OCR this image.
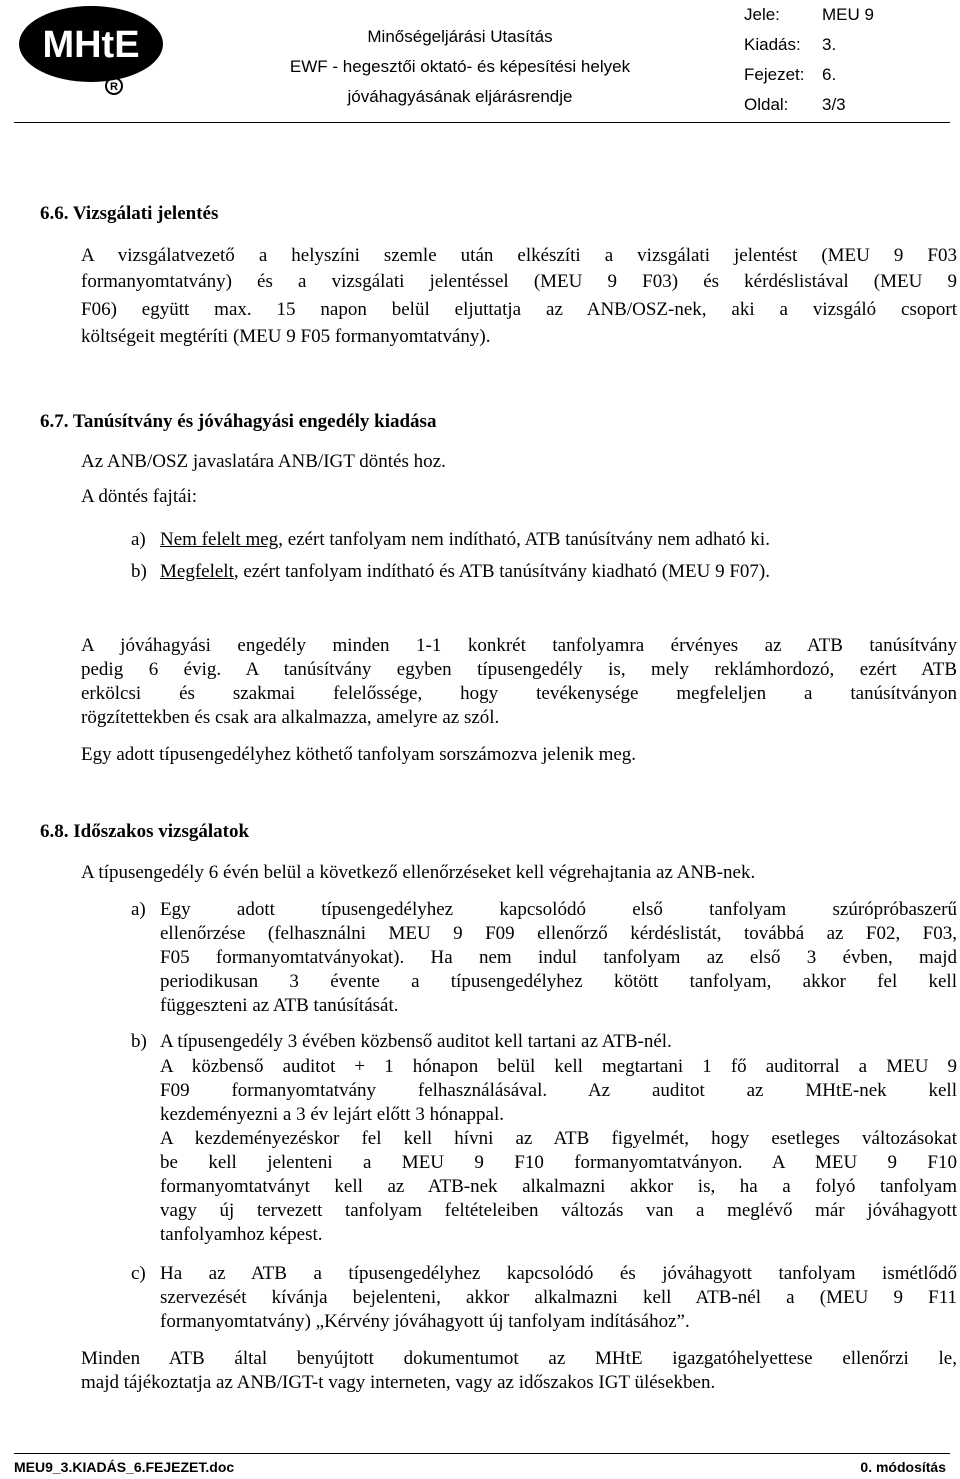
MHtE
R
Minőségeljárási Utasítás
EWF - hegesztői oktató- és képesítési helyek
jóváhagyásának eljárásrendje
Jele:	MEU 9
Kiadás:	3.
Fejezet:	6.
Oldal:	3/3
6.6. Vizsgálati jelentés
A vizsgálatvezető a helyszíni szemle után elkészíti a vizsgálati jelentést (MEU 9 F03
formanyomtatvány) és a vizsgálati jelentéssel (MEU 9 F03) és kérdéslistával (MEU 9
F06) együtt max. 15 napon belül eljuttatja az ANB/OSZ-nek, aki a vizsgáló csoport
költségeit megtéríti (MEU 9 F05 formanyomtatvány).
6.7. Tanúsítvány és jóváhagyási engedély kiadása
Az ANB/OSZ javaslatára ANB/IGT döntés hoz.
A döntés fajtái:
a) Nem felelt meg, ezért tanfolyam nem indítható, ATB tanúsítvány nem adható ki.
b) Megfelelt, ezért tanfolyam indítható és ATB tanúsítvány kiadható (MEU 9 F07).
A jóváhagyási engedély minden 1-1 konkrét tanfolyamra érvényes az ATB tanúsítvány
pedig 6 évig. A tanúsítvány egyben típusengedély is, mely reklámhordozó, ezért ATB
erkölcsi és szakmai felelőssége, hogy tevékenysége megfeleljen a tanúsítványon
rögzítettekben és csak ara alkalmazza, amelyre az szól.
Egy adott típusengedélyhez köthető tanfolyam sorszámozva jelenik meg.
6.8. Időszakos vizsgálatok
A típusengedély 6 évén belül a következő ellenőrzéseket kell végrehajtania az ANB-nek.
a) Egy adott típusengedélyhez kapcsolódó első tanfolyam szúrópróbaszerű
ellenőrzése (felhasználni MEU 9 F09 ellenőrző kérdéslistát, továbbá az F02, F03,
F05 formanyomtatványokat). Ha nem indul tanfolyam az első 3 évben, majd
periodikusan 3 évente a típusengedélyhez kötött tanfolyam, akkor fel kell
függeszteni az ATB tanúsítását.
b) A típusengedély 3 évében közbenső auditot kell tartani az ATB-nél.
A közbenső auditot + 1 hónapon belül kell megtartani 1 fő auditorral a MEU 9
F09 formanyomtatvány felhasználásával. Az auditot az MHtE-nek kell
kezdeményezni a 3 év lejárt előtt 3 hónappal.
A kezdeményezéskor fel kell hívni az ATB figyelmét, hogy esetleges változásokat
be kell jelenteni a MEU 9 F10 formanyomtatványon. A MEU 9 F10
formanyomtatványt kell az ATB-nek alkalmazni akkor is, ha a folyó tanfolyam
vagy új tervezett tanfolyam feltételeiben változás van a meglévő már jóváhagyott
tanfolyamhoz képest.
c) Ha az ATB a típusengedélyhez kapcsolódó és jóváhagyott tanfolyam ismétlődő
szervezését kívánja bejelenteni, akkor alkalmazni kell ATB-nél a (MEU 9 F11
formanyomtatvány) „Kérvény jóváhagyott új tanfolyam indításához”.
Minden ATB által benyújtott dokumentumot az MHtE igazgatóhelyettese ellenőrzi le,
majd tájékoztatja az ANB/IGT-t vagy interneten, vagy az időszakos IGT ülésekben.
MEU9_3.KIADÁS_6.FEJEZET.doc	0. módosítás
